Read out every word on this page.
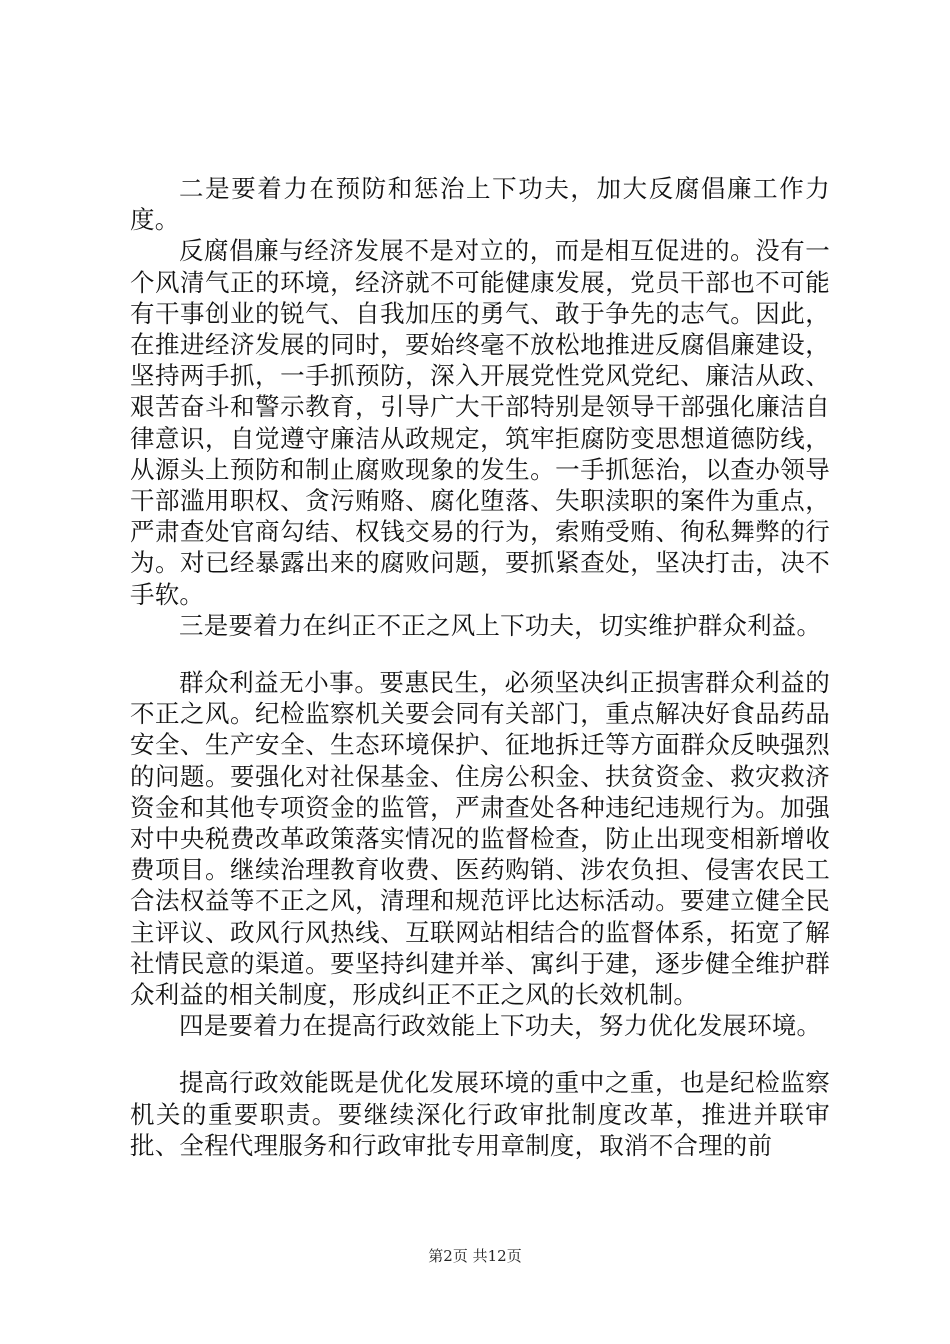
二是要着力在预防和惩治上下功夫，加大反腐倡廉工作力度。

反腐倡廉与经济发展不是对立的，而是相互促进的。没有一个风清气正的环境，经济就不可能健康发展，党员干部也不可能有干事创业的锐气、自我加压的勇气、敢于争先的志气。因此，在推进经济发展的同时，要始终毫不放松地推进反腐倡廉建设，坚持两手抓，一手抓预防，深入开展党性党风党纪、廉洁从政、艰苦奋斗和警示教育，引导广大干部特别是领导干部强化廉洁自律意识，自觉遵守廉洁从政规定，筑牢拒腐防变思想道德防线，从源头上预防和制止腐败现象的发生。一手抓惩治，以查办领导干部滥用职权、贪污贿赂、腐化堕落、失职渎职的案件为重点，严肃查处官商勾结、权钱交易的行为，索贿受贿、徇私舞弊的行为。对已经暴露出来的腐败问题，要抓紧查处，坚决打击，决不手软。

三是要着力在纠正不正之风上下功夫，切实维护群众利益。

群众利益无小事。要惠民生，必须坚决纠正损害群众利益的不正之风。纪检监察机关要会同有关部门，重点解决好食品药品安全、生产安全、生态环境保护、征地拆迁等方面群众反映强烈的问题。要强化对社保基金、住房公积金、扶贫资金、救灾救济资金和其他专项资金的监管，严肃查处各种违纪违规行为。加强对中央税费改革政策落实情况的监督检查，防止出现变相新增收费项目。继续治理教育收费、医药购销、涉农负担、侵害农民工合法权益等不正之风，清理和规范评比达标活动。要建立健全民主评议、政风行风热线、互联网站相结合的监督体系，拓宽了解社情民意的渠道。要坚持纠建并举、寓纠于建，逐步健全维护群众利益的相关制度，形成纠正不正之风的长效机制。

四是要着力在提高行政效能上下功夫，努力优化发展环境。

提高行政效能既是优化发展环境的重中之重，也是纪检监察机关的重要职责。要继续深化行政审批制度改革，推进并联审批、全程代理服务和行政审批专用章制度，取消不合理的前

第2页 共12页
